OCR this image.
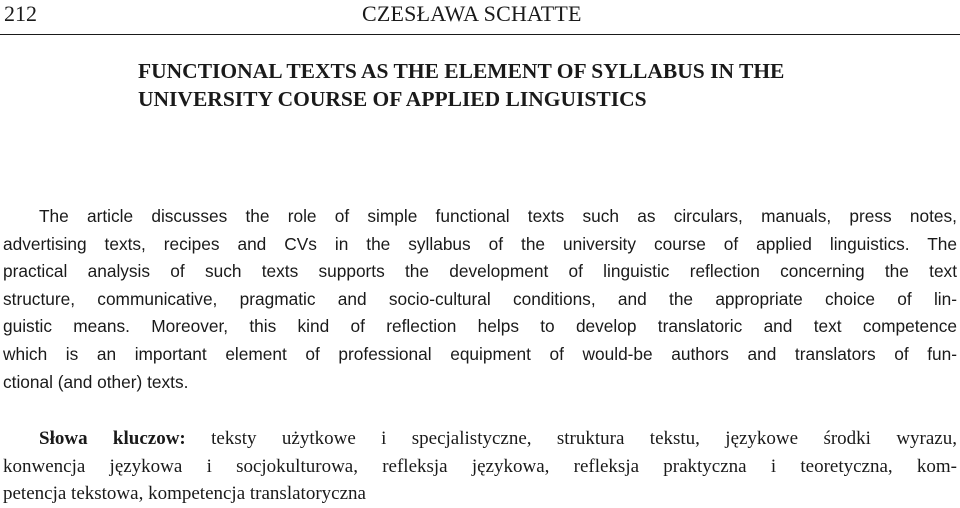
212	CZESŁAWA SCHATTE
FUNCTIONAL TEXTS AS THE ELEMENT OF SYLLABUS IN THE
UNIVERSITY COURSE OF APPLIED LINGUISTICS

The article discusses the role of simple functional texts such as circulars, manuals, press notes,
advertising texts, recipes and CVs in the syllabus of the university course of applied linguistics. The
practical analysis of such texts supports the development of linguistic reflection concerning the text
structure, communicative, pragmatic and socio-cultural conditions, and the appropriate choice of lin-
guistic means. Moreover, this kind of reflection helps to develop translatoric and text competence
which is an important element of professional equipment of would-be authors and translators of fun-
ctional (and other) texts.

Słowa kluczow: teksty użytkowe i specjalistyczne, struktura tekstu, językowe środki wyrazu,
konwencja językowa i socjokulturowa, refleksja językowa, refleksja praktyczna i teoretyczna, kom-
petencja tekstowa, kompetencja translatoryczna
